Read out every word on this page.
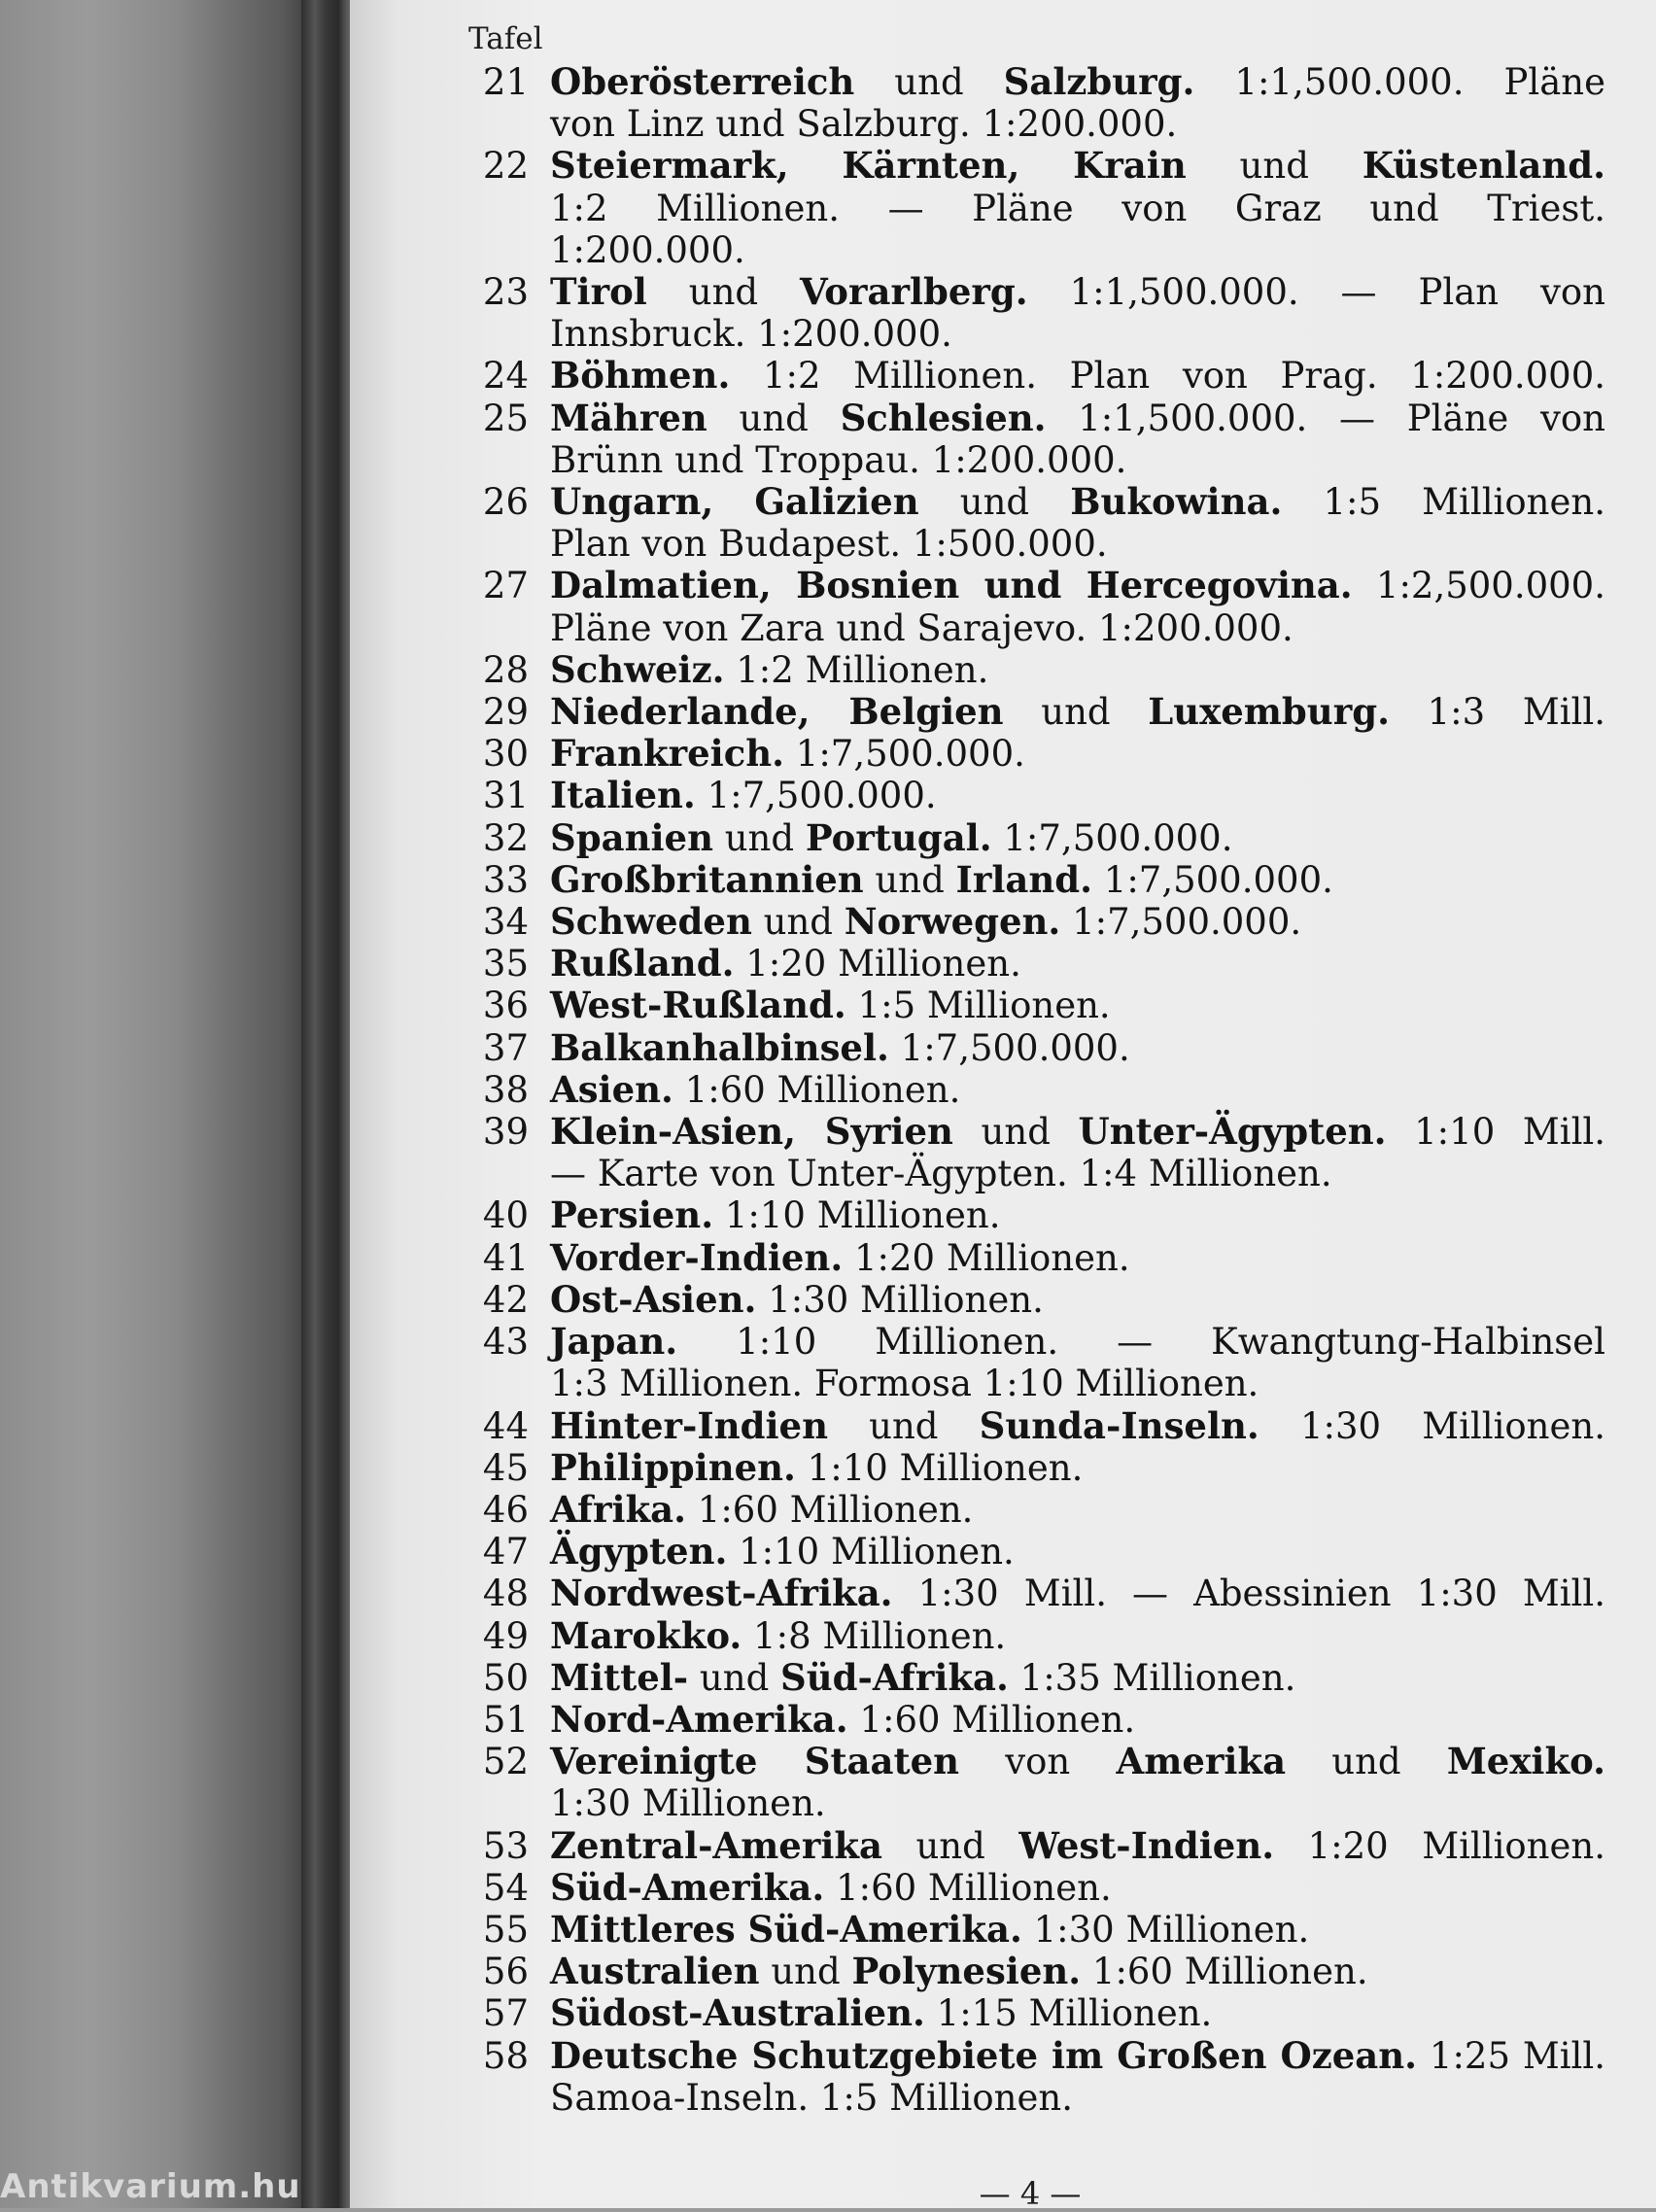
Antikvarium.hu
Tafel
21 Oberösterreich und Salzburg. 1:1,500.000. Pläne
von Linz und Salzburg. 1:200.000.
22 Steiermark, Kärnten, Krain und Küstenland.
1:2 Millionen. — Pläne von Graz und Triest.
1:200.000.
23 Tirol und Vorarlberg. 1:1,500.000. — Plan von
Innsbruck. 1:200.000.
24 Böhmen. 1:2 Millionen. Plan von Prag. 1:200.000.
25 Mähren und Schlesien. 1:1,500.000. — Pläne von
Brünn und Troppau. 1:200.000.
26 Ungarn, Galizien und Bukowina. 1:5 Millionen.
Plan von Budapest. 1:500.000.
27 Dalmatien, Bosnien und Hercegovina. 1:2,500.000.
Pläne von Zara und Sarajevo. 1:200.000.
28 Schweiz. 1:2 Millionen.
29 Niederlande, Belgien und Luxemburg. 1:3 Mill.
30 Frankreich. 1:7,500.000.
31 Italien. 1:7,500.000.
32 Spanien und Portugal. 1:7,500.000.
33 Großbritannien und Irland. 1:7,500.000.
34 Schweden und Norwegen. 1:7,500.000.
35 Rußland. 1:20 Millionen.
36 West-Rußland. 1:5 Millionen.
37 Balkanhalbinsel. 1:7,500.000.
38 Asien. 1:60 Millionen.
39 Klein-Asien, Syrien und Unter-Ägypten. 1:10 Mill.
— Karte von Unter-Ägypten. 1:4 Millionen.
40 Persien. 1:10 Millionen.
41 Vorder-Indien. 1:20 Millionen.
42 Ost-Asien. 1:30 Millionen.
43 Japan. 1:10 Millionen. — Kwangtung-Halbinsel
1:3 Millionen. Formosa 1:10 Millionen.
44 Hinter-Indien und Sunda-Inseln. 1:30 Millionen.
45 Philippinen. 1:10 Millionen.
46 Afrika. 1:60 Millionen.
47 Ägypten. 1:10 Millionen.
48 Nordwest-Afrika. 1:30 Mill. — Abessinien 1:30 Mill.
49 Marokko. 1:8 Millionen.
50 Mittel- und Süd-Afrika. 1:35 Millionen.
51 Nord-Amerika. 1:60 Millionen.
52 Vereinigte Staaten von Amerika und Mexiko.
1:30 Millionen.
53 Zentral-Amerika und West-Indien. 1:20 Millionen.
54 Süd-Amerika. 1:60 Millionen.
55 Mittleres Süd-Amerika. 1:30 Millionen.
56 Australien und Polynesien. 1:60 Millionen.
57 Südost-Australien. 1:15 Millionen.
58 Deutsche Schutzgebiete im Großen Ozean. 1:25 Mill.
Samoa-Inseln. 1:5 Millionen.
— 4 —
